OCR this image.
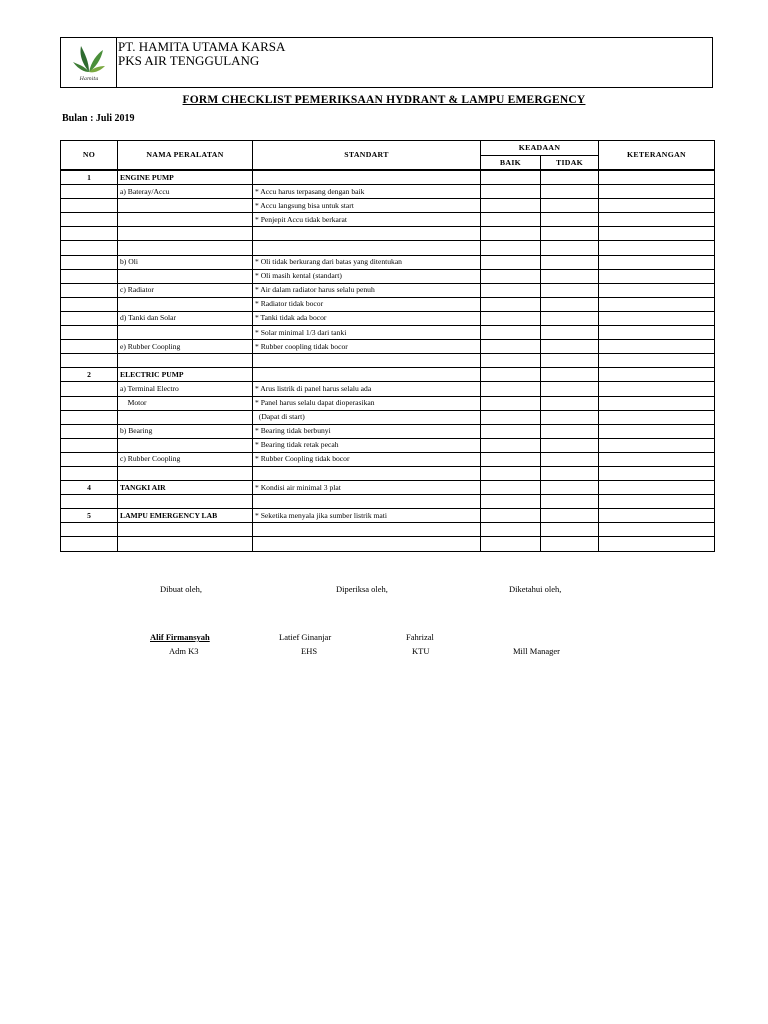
Hamita
PT. HAMITA UTAMA KARSA
PKS AIR TENGGULANG
FORM CHECKLIST PEMERIKSAAN HYDRANT & LAMPU EMERGENCY
Bulan : Juli 2019
NO	NAMA PERALATAN	STANDART	KEADAAN		KETERANGAN
			BAIK	TIDAK	
1	ENGINE PUMP				
	a) Bateray/Accu	* Accu harus terpasang dengan baik			
		* Accu langsung bisa untuk start			
		* Penjepit Accu tidak berkarat			

	b) Oli	* Oli tidak berkurang dari batas yang ditentukan			
		* Oli masih kental (standart)			
	c) Radiator	* Air dalam radiator harus selalu penuh			
		* Radiator tidak bocor			
	d) Tanki dan Solar	* Tanki tidak ada bocor			
		* Solar minimal 1/3 dari tanki			
	e) Rubber Coopling	* Rubber coopling tidak bocor			

2	ELECTRIC PUMP				
	a) Terminal Electro	* Arus listrik di panel harus selalu ada			
	Motor	* Panel harus selalu dapat dioperasikan			
		(Dapat di start)			
	b) Bearing	* Bearing tidak berbunyi			
		* Bearing tidak retak pecah			
	c) Rubber Coopling	* Rubber Coopling tidak bocor			

4	TANGKI AIR	* Kondisi air minimal 3 plat			

5	LAMPU EMERGENCY LAB	* Seketika menyala jika sumber listrik mati			

Dibuat oleh,	Diperiksa oleh,	Diketahui oleh,
Alif Firmansyah	Latief Ginanjar	Fahrizal
Adm K3	EHS	KTU	Mill Manager
